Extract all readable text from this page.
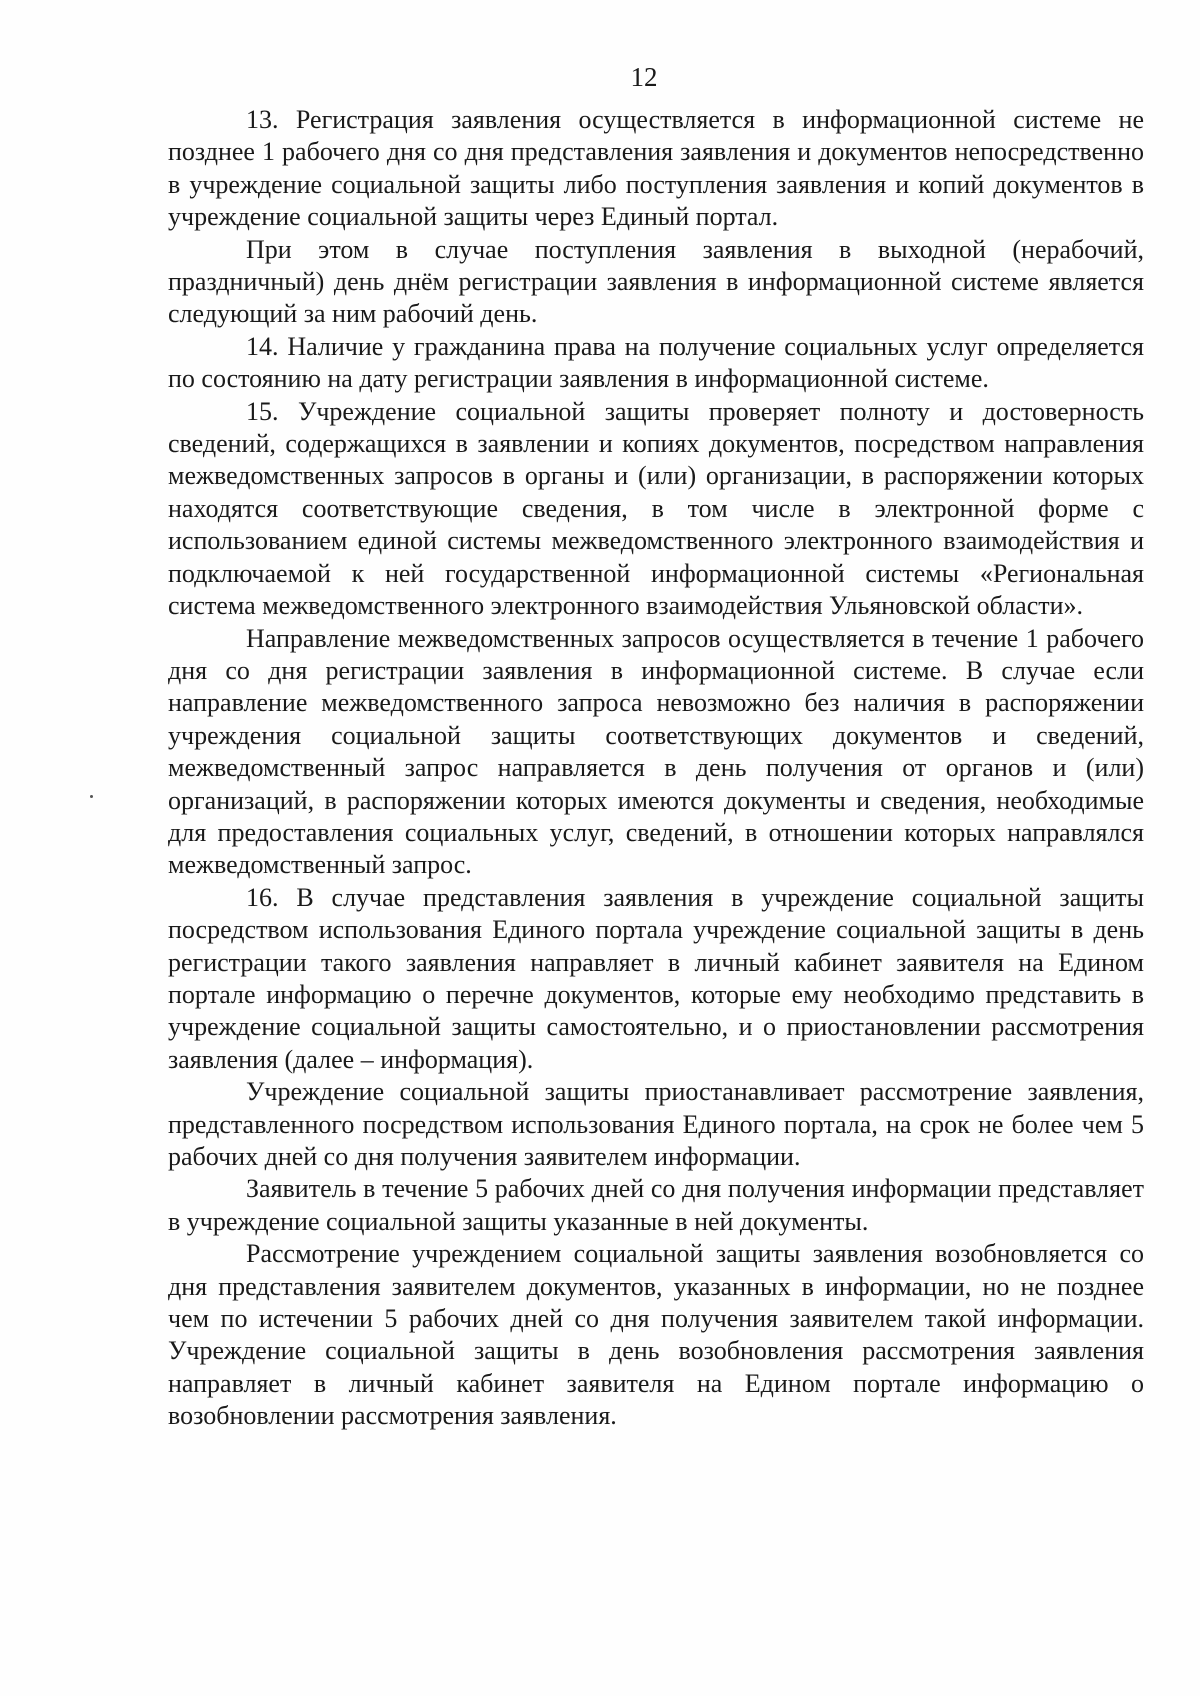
12

13. Регистрация заявления осуществляется в информационной системе не позднее 1 рабочего дня со дня представления заявления и документов непосредственно в учреждение социальной защиты либо поступления заявления и копий документов в учреждение социальной защиты через Единый портал.

При этом в случае поступления заявления в выходной (нерабочий, праздничный) день днём регистрации заявления в информационной системе является следующий за ним рабочий день.

14. Наличие у гражданина права на получение социальных услуг определяется по состоянию на дату регистрации заявления в информационной системе.

15. Учреждение социальной защиты проверяет полноту и достоверность сведений, содержащихся в заявлении и копиях документов, посредством направления межведомственных запросов в органы и (или) организации, в распоряжении которых находятся соответствующие сведения, в том числе в электронной форме с использованием единой системы межведомственного электронного взаимодействия и подключаемой к ней государственной информационной системы «Региональная система межведомственного электронного взаимодействия Ульяновской области».

Направление межведомственных запросов осуществляется в течение 1 рабочего дня со дня регистрации заявления в информационной системе. В случае если направление межведомственного запроса невозможно без наличия в распоряжении учреждения социальной защиты соответствующих документов и сведений, межведомственный запрос направляется в день получения от органов и (или) организаций, в распоряжении которых имеются документы и сведения, необходимые для предоставления социальных услуг, сведений, в отношении которых направлялся межведомственный запрос.

16. В случае представления заявления в учреждение социальной защиты посредством использования Единого портала учреждение социальной защиты в день регистрации такого заявления направляет в личный кабинет заявителя на Едином портале информацию о перечне документов, которые ему необходимо представить в учреждение социальной защиты самостоятельно, и о приостановлении рассмотрения заявления (далее – информация).

Учреждение социальной защиты приостанавливает рассмотрение заявления, представленного посредством использования Единого портала, на срок не более чем 5 рабочих дней со дня получения заявителем информации.

Заявитель в течение 5 рабочих дней со дня получения информации представляет в учреждение социальной защиты указанные в ней документы.

Рассмотрение учреждением социальной защиты заявления возобновляется со дня представления заявителем документов, указанных в информации, но не позднее чем по истечении 5 рабочих дней со дня получения заявителем такой информации. Учреждение социальной защиты в день возобновления рассмотрения заявления направляет в личный кабинет заявителя на Едином портале информацию о возобновлении рассмотрения заявления.
